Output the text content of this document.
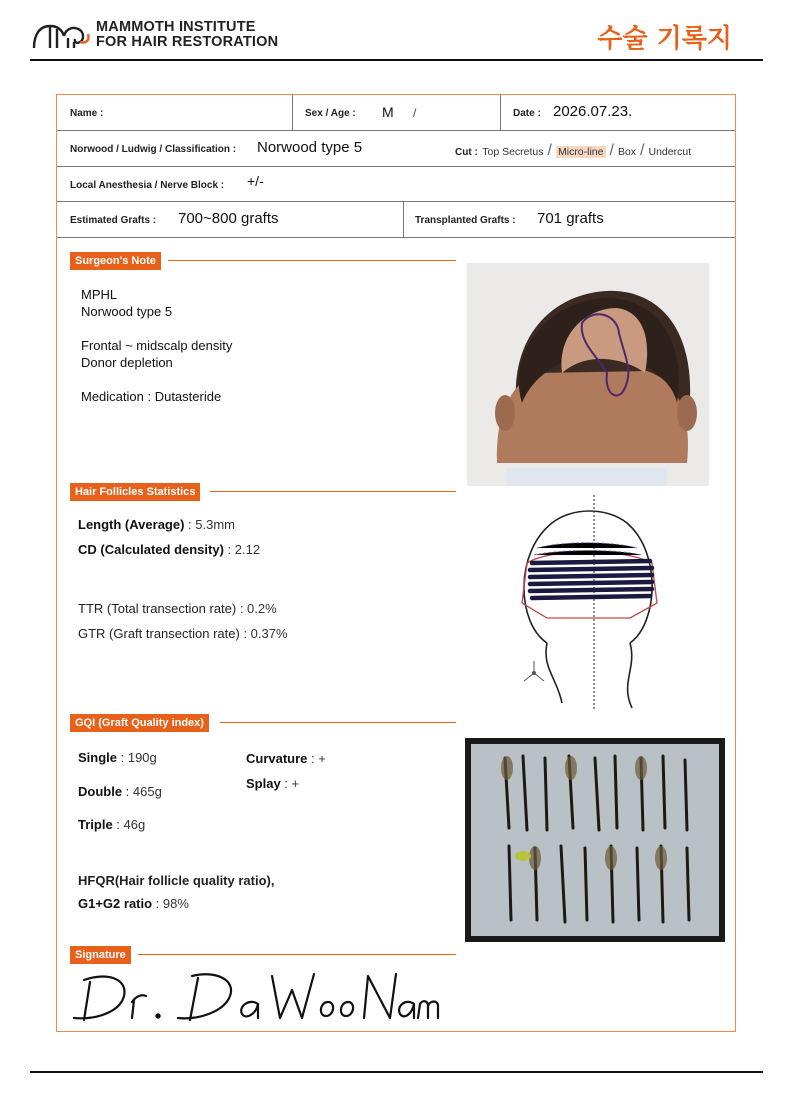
MAMMOTH INSTITUTE
FOR HAIR RESTORATION	수술 기록지
Name :	Sex / Age : M /	Date : 2026.07.23.
Norwood / Ludwig / Classification : Norwood type 5	Cut : Top Secretus / Micro-line / Box / Undercut
Local Anesthesia / Nerve Block : +/-
Estimated Grafts : 700~800 grafts	Transplanted Grafts : 701 grafts
Surgeon's Note
MPHL
Norwood type 5
Frontal ~ midscalp density
Donor depletion
Medication : Dutasteride
Hair Follicles Statistics
Length (Average) : 5.3mm
CD (Calculated density) : 2.12
TTR (Total transection rate) : 0.2%
GTR (Graft transection rate) : 0.37%
GQI (Graft Quality index)
Single : 190g
Double : 465g
Triple : 46g
Curvature : +
Splay : +
HFQR(Hair follicle quality ratio),
G1+G2 ratio : 98%
Signature
